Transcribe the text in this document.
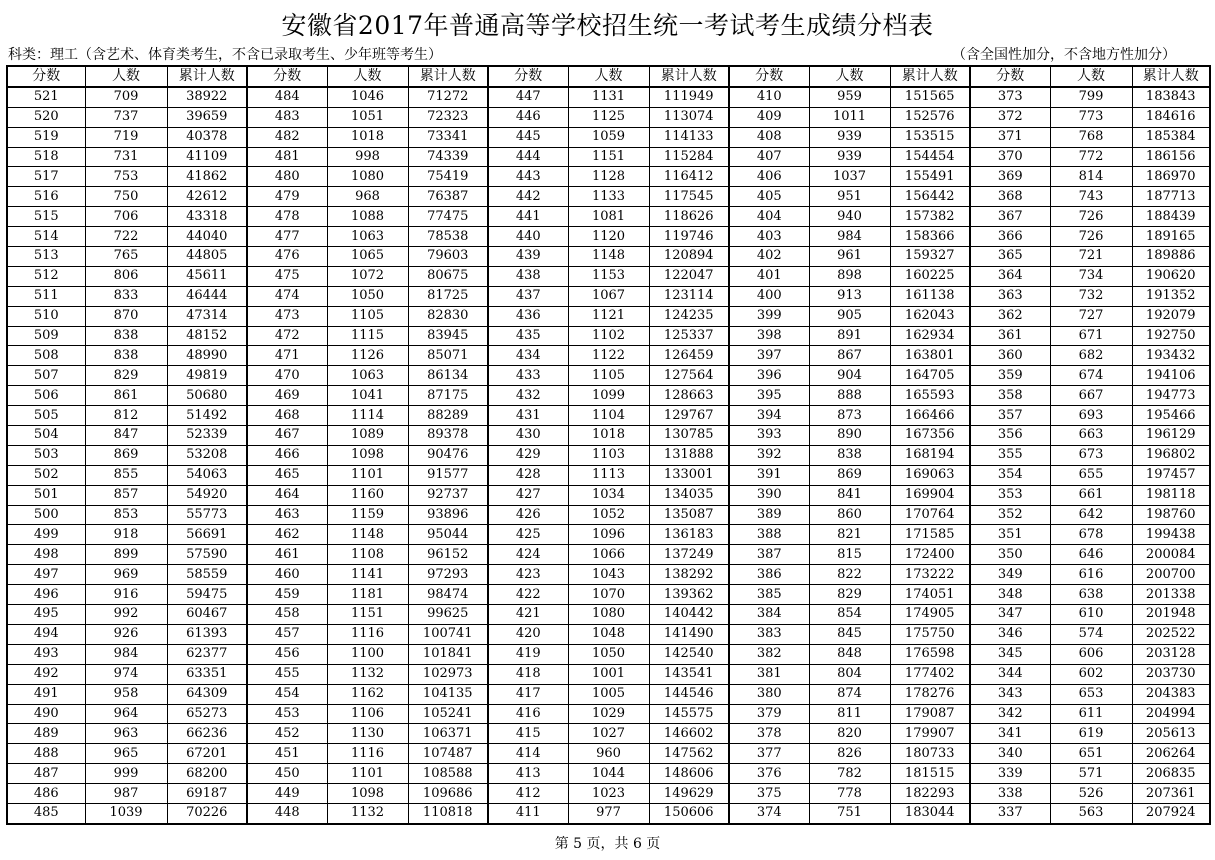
安徽省2017年普通高等学校招生统一考试考生成绩分档表
科类：理工（含艺术、体育类考生，不含已录取考生、少年班等考生）	（含全国性加分，不含地方性加分）
分数	人数	累计人数	分数	人数	累计人数	分数	人数	累计人数	分数	人数	累计人数	分数	人数	累计人数
521	709	38922	484	1046	71272	447	1131	111949	410	959	151565	373	799	183843
520	737	39659	483	1051	72323	446	1125	113074	409	1011	152576	372	773	184616
519	719	40378	482	1018	73341	445	1059	114133	408	939	153515	371	768	185384
518	731	41109	481	998	74339	444	1151	115284	407	939	154454	370	772	186156
517	753	41862	480	1080	75419	443	1128	116412	406	1037	155491	369	814	186970
516	750	42612	479	968	76387	442	1133	117545	405	951	156442	368	743	187713
515	706	43318	478	1088	77475	441	1081	118626	404	940	157382	367	726	188439
514	722	44040	477	1063	78538	440	1120	119746	403	984	158366	366	726	189165
513	765	44805	476	1065	79603	439	1148	120894	402	961	159327	365	721	189886
512	806	45611	475	1072	80675	438	1153	122047	401	898	160225	364	734	190620
511	833	46444	474	1050	81725	437	1067	123114	400	913	161138	363	732	191352
510	870	47314	473	1105	82830	436	1121	124235	399	905	162043	362	727	192079
509	838	48152	472	1115	83945	435	1102	125337	398	891	162934	361	671	192750
508	838	48990	471	1126	85071	434	1122	126459	397	867	163801	360	682	193432
507	829	49819	470	1063	86134	433	1105	127564	396	904	164705	359	674	194106
506	861	50680	469	1041	87175	432	1099	128663	395	888	165593	358	667	194773
505	812	51492	468	1114	88289	431	1104	129767	394	873	166466	357	693	195466
504	847	52339	467	1089	89378	430	1018	130785	393	890	167356	356	663	196129
503	869	53208	466	1098	90476	429	1103	131888	392	838	168194	355	673	196802
502	855	54063	465	1101	91577	428	1113	133001	391	869	169063	354	655	197457
501	857	54920	464	1160	92737	427	1034	134035	390	841	169904	353	661	198118
500	853	55773	463	1159	93896	426	1052	135087	389	860	170764	352	642	198760
499	918	56691	462	1148	95044	425	1096	136183	388	821	171585	351	678	199438
498	899	57590	461	1108	96152	424	1066	137249	387	815	172400	350	646	200084
497	969	58559	460	1141	97293	423	1043	138292	386	822	173222	349	616	200700
496	916	59475	459	1181	98474	422	1070	139362	385	829	174051	348	638	201338
495	992	60467	458	1151	99625	421	1080	140442	384	854	174905	347	610	201948
494	926	61393	457	1116	100741	420	1048	141490	383	845	175750	346	574	202522
493	984	62377	456	1100	101841	419	1050	142540	382	848	176598	345	606	203128
492	974	63351	455	1132	102973	418	1001	143541	381	804	177402	344	602	203730
491	958	64309	454	1162	104135	417	1005	144546	380	874	178276	343	653	204383
490	964	65273	453	1106	105241	416	1029	145575	379	811	179087	342	611	204994
489	963	66236	452	1130	106371	415	1027	146602	378	820	179907	341	619	205613
488	965	67201	451	1116	107487	414	960	147562	377	826	180733	340	651	206264
487	999	68200	450	1101	108588	413	1044	148606	376	782	181515	339	571	206835
486	987	69187	449	1098	109686	412	1023	149629	375	778	182293	338	526	207361
485	1039	70226	448	1132	110818	411	977	150606	374	751	183044	337	563	207924
第 5 页，共 6 页
